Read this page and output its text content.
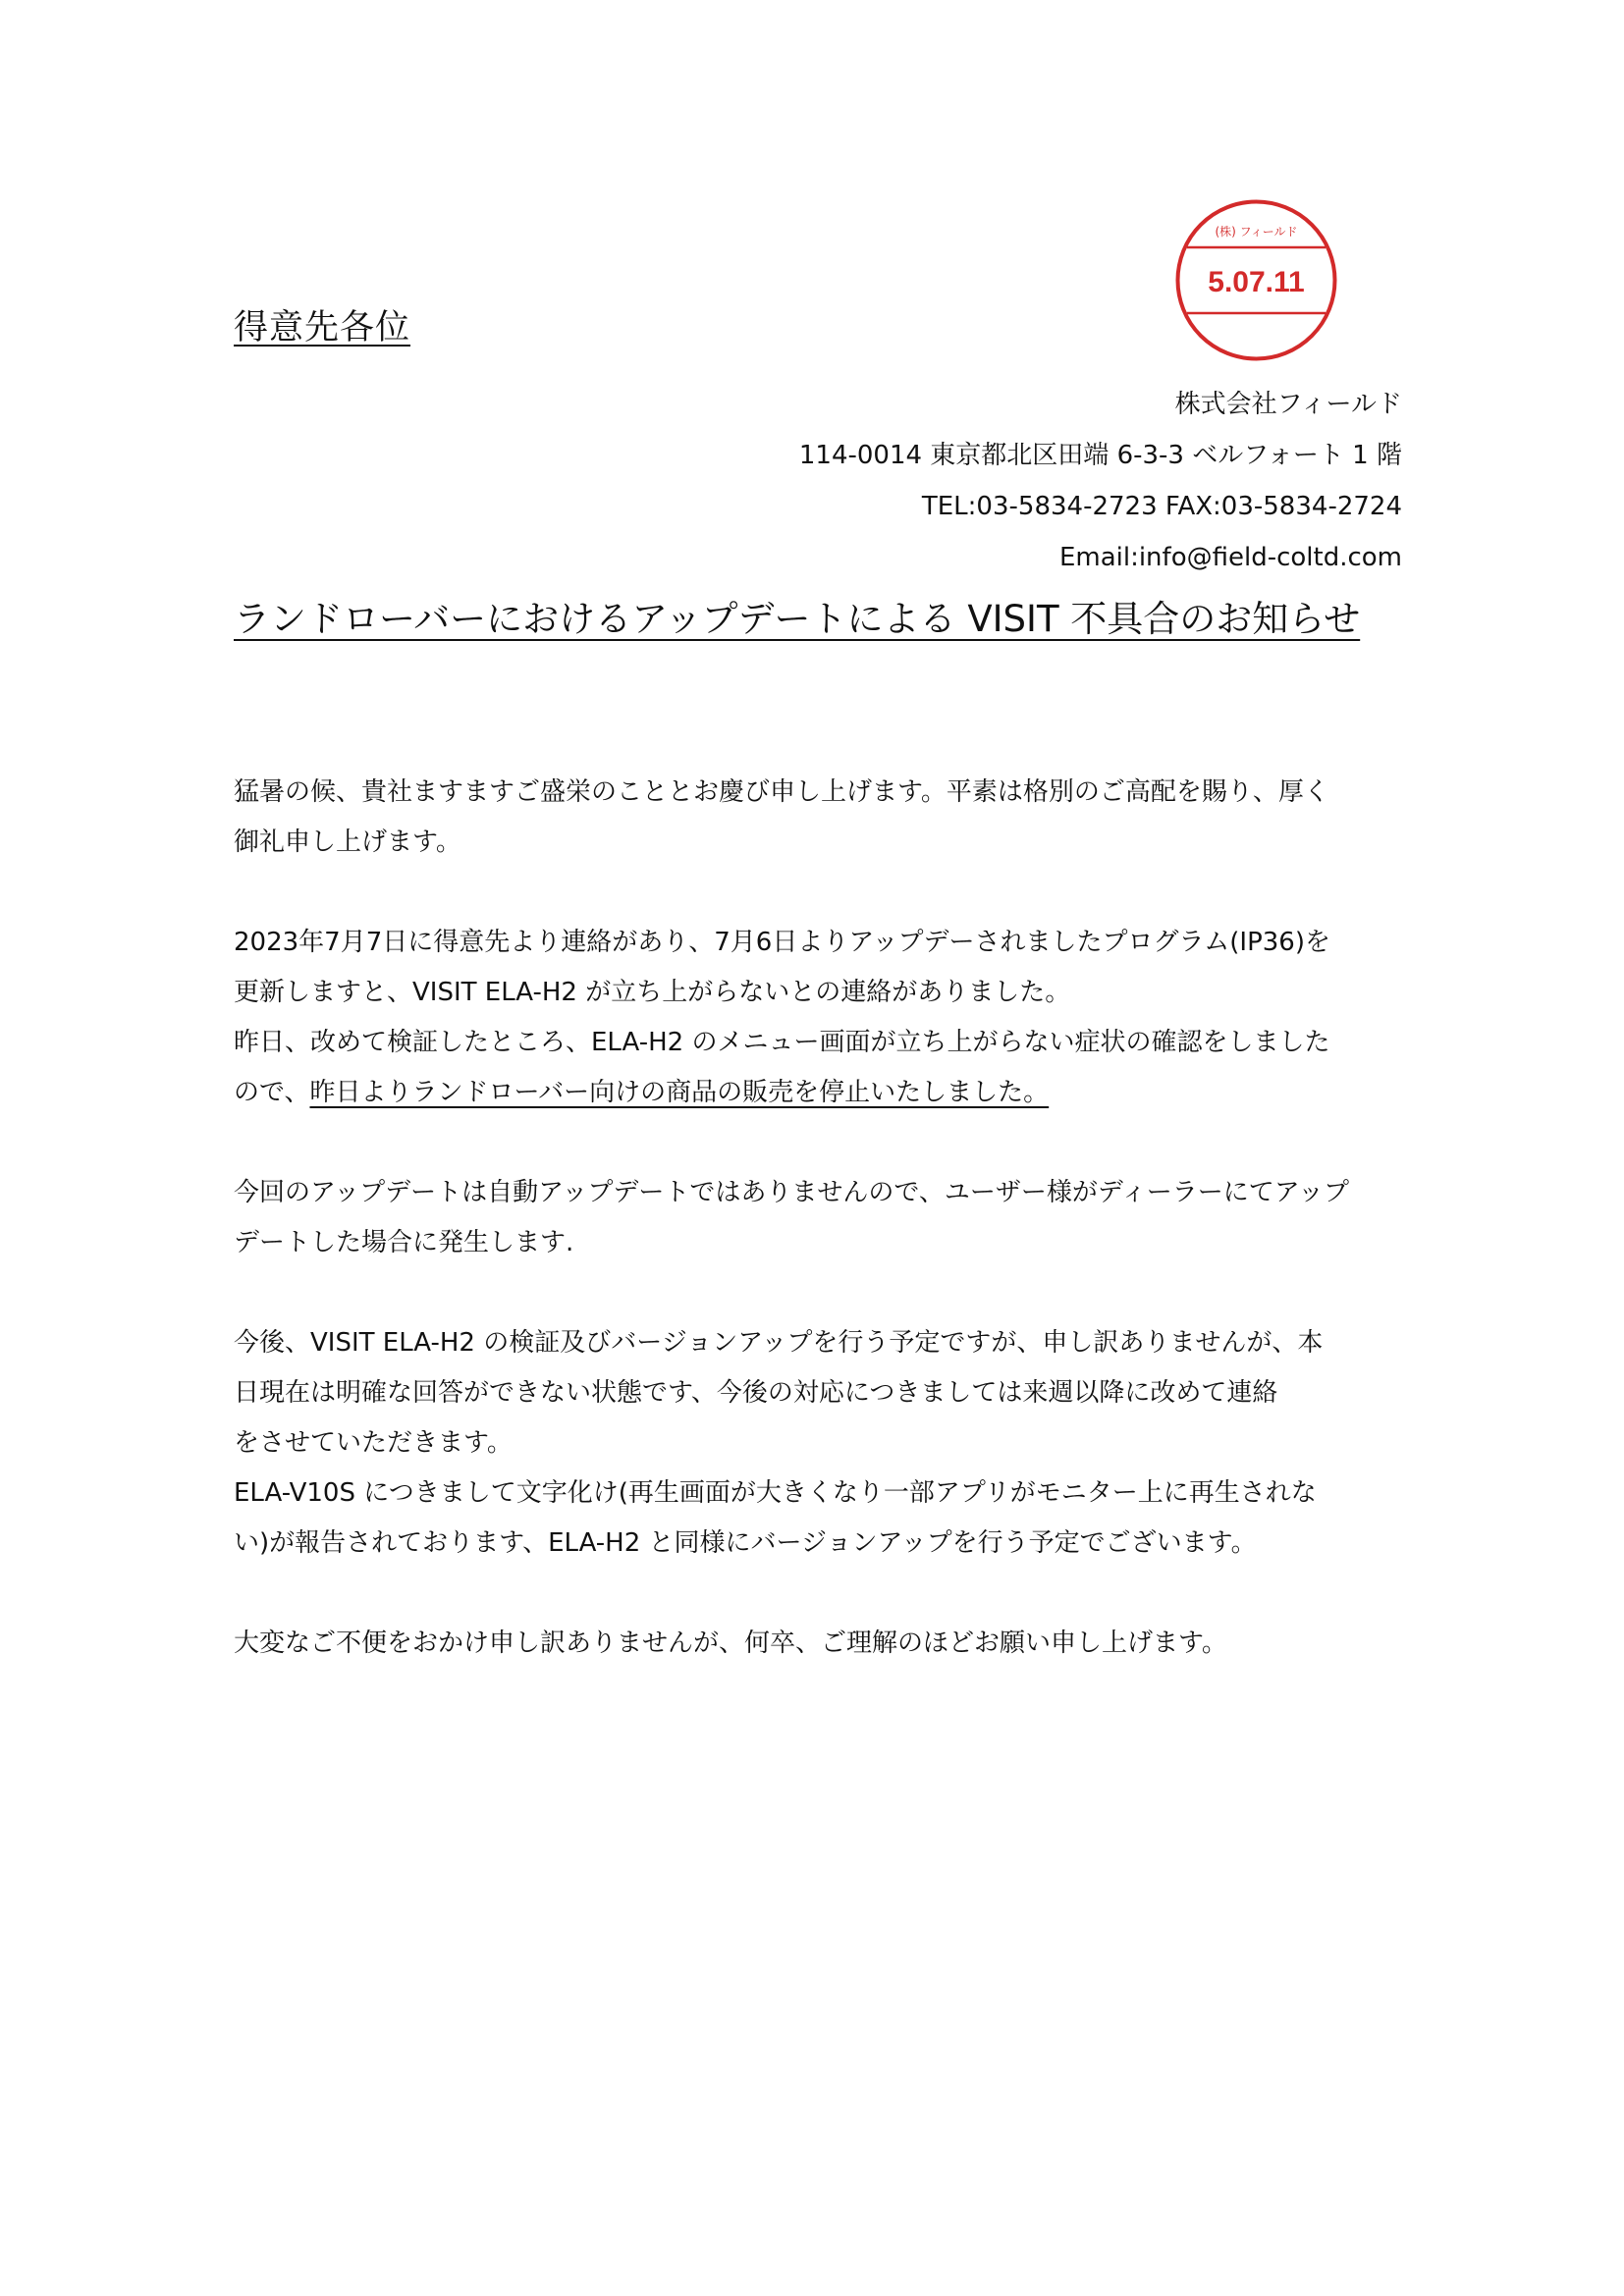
(株) フィールド
5.07.11
得意先各位
株式会社フィールド
114-0014 東京都北区田端 6-3-3 ベルフォート 1 階
TEL:03-5834-2723 FAX:03-5834-2724
Email:info@field-coltd.com
ランドローバーにおけるアップデートによる VISIT 不具合のお知らせ
猛暑の候、貴社ますますご盛栄のこととお慶び申し上げます。平素は格別のご高配を賜り、厚く
御礼申し上げます。
2023年7月7日に得意先より連絡があり、7月6日よりアップデーされましたプログラム(IP36)を
更新しますと、VISIT ELA-H2 が立ち上がらないとの連絡がありました。
昨日、改めて検証したところ、ELA-H2 のメニュー画面が立ち上がらない症状の確認をしました
ので、昨日よりランドローバー向けの商品の販売を停止いたしました。
今回のアップデートは自動アップデートではありませんので、ユーザー様がディーラーにてアップ
デートした場合に発生します.
今後、VISIT ELA-H2 の検証及びバージョンアップを行う予定ですが、申し訳ありませんが、本
日現在は明確な回答ができない状態です、今後の対応につきましては来週以降に改めて連絡
をさせていただきます。
ELA-V10S につきまして文字化け(再生画面が大きくなり一部アプリがモニター上に再生されな
い)が報告されております、ELA-H2 と同様にバージョンアップを行う予定でございます。
大変なご不便をおかけ申し訳ありませんが、何卒、ご理解のほどお願い申し上げます。
